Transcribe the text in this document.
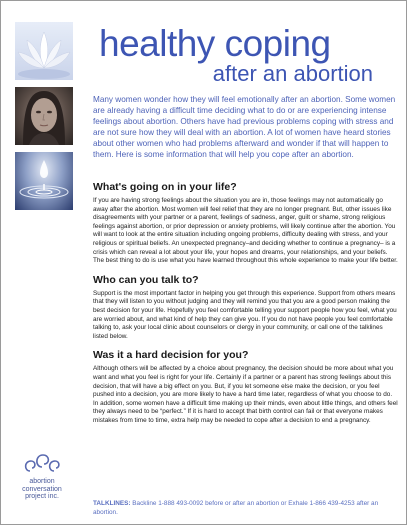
abortion
conversation
project inc.
healthy coping
after an abortion

Many women wonder how they will feel emotionally after an abortion. Some women are already having a difficult time deciding what to do or are experiencing intense feelings about abortion. Others have had previous problems coping with stress and are not sure how they will deal with an abortion. A lot of women have heard stories about other women who had problems afterward and wonder if that will happen to them. Here is some information that will help you cope after an abortion.

What's going on in your life?

If you are having strong feelings about the situation you are in, those feelings may not automatically go away after the abortion. Most women will feel relief that they are no longer pregnant. But, other issues like disagreements with your partner or a parent, feelings of sadness, anger, guilt or shame, strong religious feelings against abortion, or prior depression or anxiety problems, will likely continue after the abortion. You will want to look at the entire situation including ongoing problems, difficulty dealing with stress, and your religious or spiritual beliefs. An unexpected pregnancy–and deciding whether to continue a pregnancy– is a crisis which can reveal a lot about your life, your hopes and dreams, your relationships, and your beliefs. The best thing to do is use what you have learned throughout this whole experience to make your life better.

Who can you talk to?

Support is the most important factor in helping you get through this experience. Support from others means that they will listen to you without judging and they will remind you that you are a good person making the best decision for your life. Hopefully you feel comfortable telling your support people how you feel, what you are worried about, and what kind of help they can give you. If you do not have people you feel comfortable talking to, ask your local clinic about counselors or clergy in your community, or call one of the talklines listed below.

Was it a hard decision for you?

Although others will be affected by a choice about pregnancy, the decision should be more about what you want and what you feel is right for your life. Certainly if a partner or a parent has strong feelings about this decision, that will have a big effect on you. But, if you let someone else make the decision, or you feel pushed into a decision, you are more likely to have a hard time later, regardless of what you choose to do. In addition, some women have a difficult time making up their minds, even about little things, and others feel they always need to be “perfect.” If it is hard to accept that birth control can fail or that everyone makes mistakes from time to time, extra help may be needed to cope after a decision to end a pregnancy.

TALKLINES: Backline 1-888 493-0092 before or after an abortion or Exhale 1-866 439-4253 after an abortion.
